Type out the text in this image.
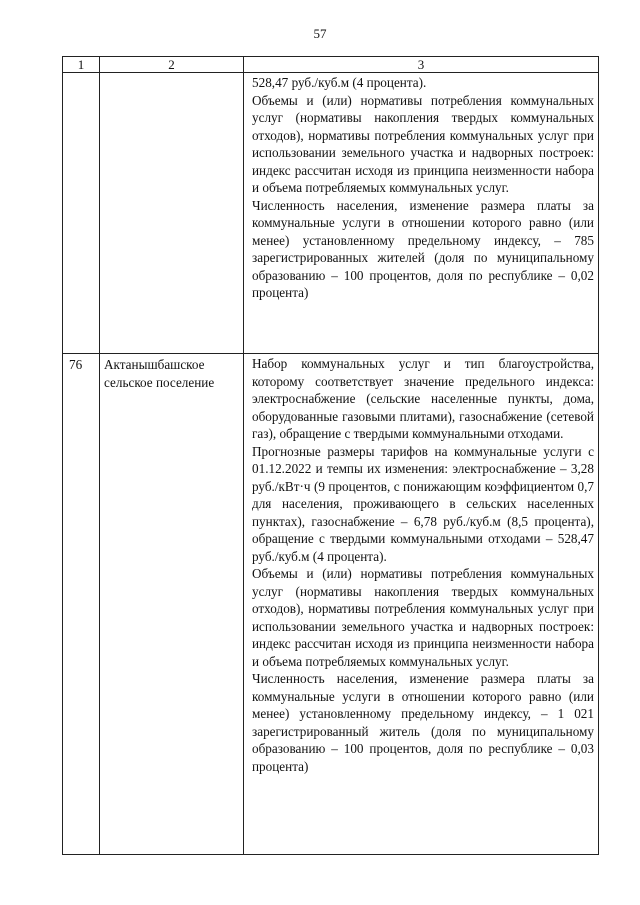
57
1	2	3

		528,47 руб./куб.м (4 процента).

Объемы и (или) нормативы потребления коммунальных услуг (нормативы накопления твердых коммунальных отходов), нормативы потребления коммунальных услуг при использовании земельного участка и надворных построек: индекс рассчитан исходя из принципа неизменности набора и объема потребляемых коммунальных услуг.

Численность населения, изменение размера платы за коммунальные услуги в отношении которого равно (или менее) установленному предельному индексу, – 785 зарегистрированных жителей (доля по муниципальному образованию – 100 процентов, доля по республике – 0,02 процента)

76	Актанышбашское сельское поселение	Набор коммунальных услуг и тип благоустройства, которому соответствует значение предельного индекса: электроснабжение (сельские населенные пункты, дома, оборудованные газовыми плитами), газоснабжение (сетевой газ), обращение с твердыми коммунальными отходами.

Прогнозные размеры тарифов на коммунальные услуги с 01.12.2022 и темпы их изменения: электроснабжение – 3,28 руб./кВт·ч (9 процентов, с понижающим коэффициентом 0,7 для населения, проживающего в сельских населенных пунктах), газоснабжение – 6,78 руб./куб.м (8,5 процента), обращение с твердыми коммунальными отходами – 528,47 руб./куб.м (4 процента).

Объемы и (или) нормативы потребления коммунальных услуг (нормативы накопления твердых коммунальных отходов), нормативы потребления коммунальных услуг при использовании земельного участка и надворных построек: индекс рассчитан исходя из принципа неизменности набора и объема потребляемых коммунальных услуг.

Численность населения, изменение размера платы за коммунальные услуги в отношении которого равно (или менее) установленному предельному индексу, – 1 021 зарегистрированный житель (доля по муниципальному образованию – 100 процентов, доля по республике – 0,03 процента)
